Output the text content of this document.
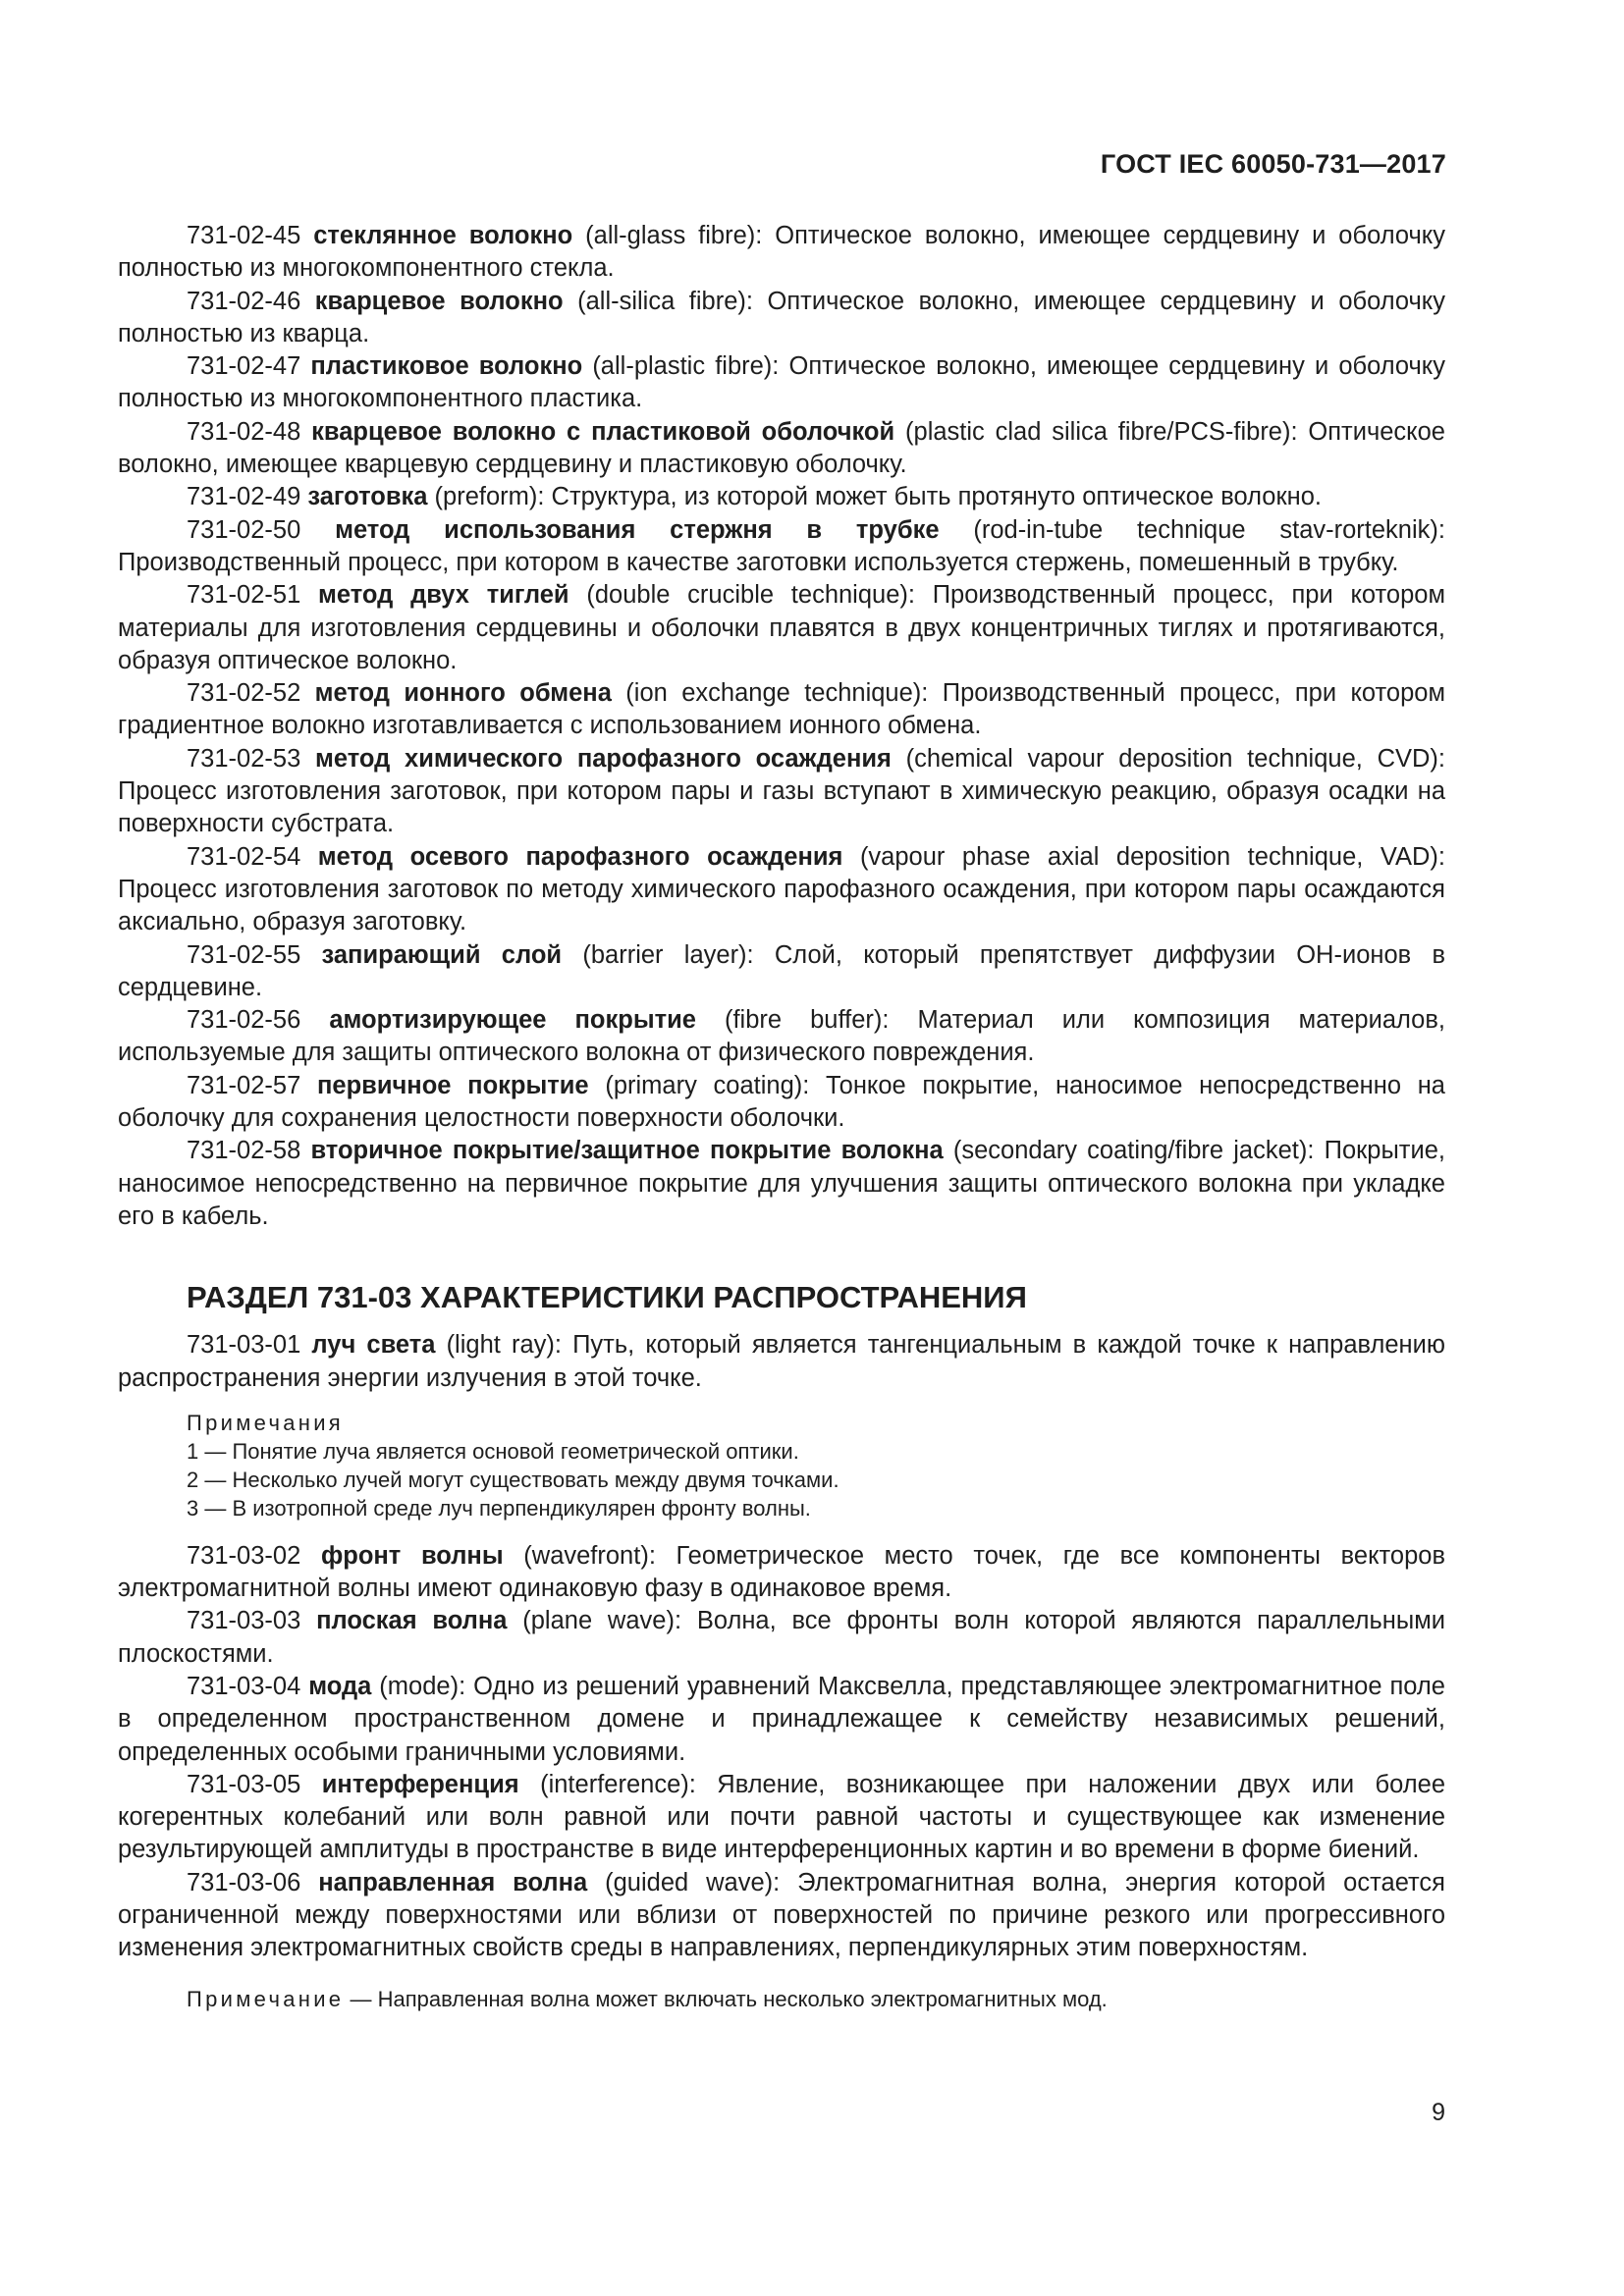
ГОСТ IEC 60050-731—2017

731-02-45 стеклянное волокно (all-glass fibre): Оптическое волокно, имеющее сердцевину и оболочку полностью из многокомпонентного стекла.

731-02-46 кварцевое волокно (all-silica fibre): Оптическое волокно, имеющее сердцевину и оболочку полностью из кварца.

731-02-47 пластиковое волокно (all-plastic fibre): Оптическое волокно, имеющее сердцевину и оболочку полностью из многокомпонентного пластика.

731-02-48 кварцевое волокно с пластиковой оболочкой (plastic clad silica fibre/PCS-fibre): Оптическое волокно, имеющее кварцевую сердцевину и пластиковую оболочку.

731-02-49 заготовка (preform): Структура, из которой может быть протянуто оптическое волокно.

731-02-50 метод использования стержня в трубке (rod-in-tube technique stav-rorteknik): Производственный процесс, при котором в качестве заготовки используется стержень, помешенный в трубку.

731-02-51 метод двух тиглей (double crucible technique): Производственный процесс, при котором материалы для изготовления сердцевины и оболочки плавятся в двух концентричных тиглях и протягиваются, образуя оптическое волокно.

731-02-52 метод ионного обмена (ion exchange technique): Производственный процесс, при котором градиентное волокно изготавливается с использованием ионного обмена.

731-02-53 метод химического парофазного осаждения (chemical vapour deposition technique, CVD): Процесс изготовления заготовок, при котором пары и газы вступают в химическую реакцию, образуя осадки на поверхности субстрата.

731-02-54 метод осевого парофазного осаждения (vapour phase axial deposition technique, VAD): Процесс изготовления заготовок по методу химического парофазного осаждения, при котором пары осаждаются аксиально, образуя заготовку.

731-02-55 запирающий слой (barrier layer): Слой, который препятствует диффузии OH-ионов в сердцевине.

731-02-56 амортизирующее покрытие (fibre buffer): Материал или композиция материалов, используемые для защиты оптического волокна от физического повреждения.

731-02-57 первичное покрытие (primary coating): Тонкое покрытие, наносимое непосредственно на оболочку для сохранения целостности поверхности оболочки.

731-02-58 вторичное покрытие/защитное покрытие волокна (secondary coating/fibre jacket): Покрытие, наносимое непосредственно на первичное покрытие для улучшения защиты оптического волокна при укладке его в кабель.

РАЗДЕЛ 731-03 ХАРАКТЕРИСТИКИ РАСПРОСТРАНЕНИЯ

731-03-01 луч света (light ray): Путь, который является тангенциальным в каждой точке к направлению распространения энергии излучения в этой точке.

Примечания
1 — Понятие луча является основой геометрической оптики.
2 — Несколько лучей могут существовать между двумя точками.
3 — В изотропной среде луч перпендикулярен фронту волны.

731-03-02 фронт волны (wavefront): Геометрическое место точек, где все компоненты векторов электромагнитной волны имеют одинаковую фазу в одинаковое время.

731-03-03 плоская волна (plane wave): Волна, все фронты волн которой являются параллельными плоскостями.

731-03-04 мода (mode): Одно из решений уравнений Максвелла, представляющее электромагнитное поле в определенном пространственном домене и принадлежащее к семейству независимых решений, определенных особыми граничными условиями.

731-03-05 интерференция (interference): Явление, возникающее при наложении двух или более когерентных колебаний или волн равной или почти равной частоты и существующее как изменение результирующей амплитуды в пространстве в виде интерференционных картин и во времени в форме биений.

731-03-06 направленная волна (guided wave): Электромагнитная волна, энергия которой остается ограниченной между поверхностями или вблизи от поверхностей по причине резкого или прогрессивного изменения электромагнитных свойств среды в направлениях, перпендикулярных этим поверхностям.

Примечание — Направленная волна может включать несколько электромагнитных мод.
9
